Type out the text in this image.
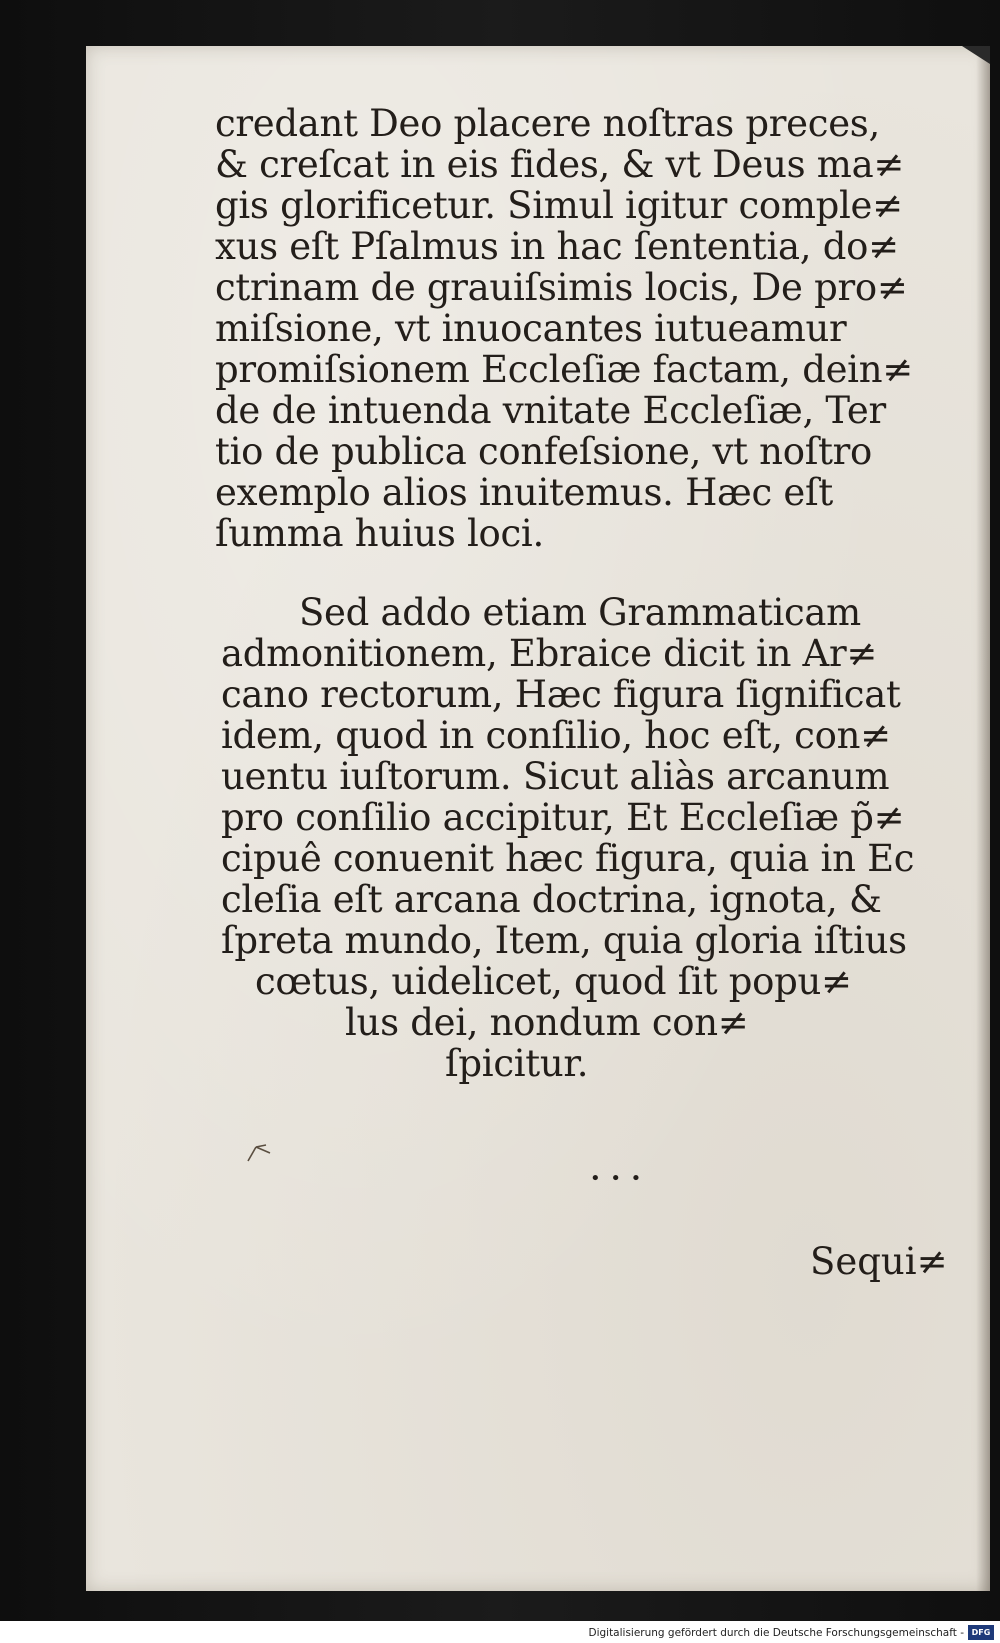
credant Deo placere noſtras preces,
& creſcat in eis fides, & vt Deus ma≠
gis glorificetur. Simul igitur comple≠
xus eſt Pſalmus in hac ſententia, do≠
ctrinam de grauiſsimis locis, De pro≠
miſsione, vt inuocantes iutueamur
promiſsionem Eccleſiæ factam, dein≠
de de intuenda vnitate Eccleſiæ, Ter
tio de publica confeſsione, vt noſtro
exemplo alios inuitemus. Hæc eſt
ſumma huius loci.
Sed addo etiam Grammaticam
admonitionem, Ebraice dicit in Ar≠
cano rectorum, Hæc figura ſignificat
idem, quod in conſilio, hoc eſt, con≠
uentu iuſtorum. Sicut aliàs arcanum
pro conſilio accipitur, Et Eccleſiæ p̃≠
cipuê conuenit hæc figura, quia in Ec
cleſia eſt arcana doctrina, ignota, &
ſpreta mundo, Item, quia gloria iſtius
cœtus, uidelicet, quod ſit popu≠
lus dei, nondum con≠
ſpicitur.
• • •
Sequi≠
Digitalisierung gefördert durch die Deutsche Forschungsgemeinschaft - DFG
